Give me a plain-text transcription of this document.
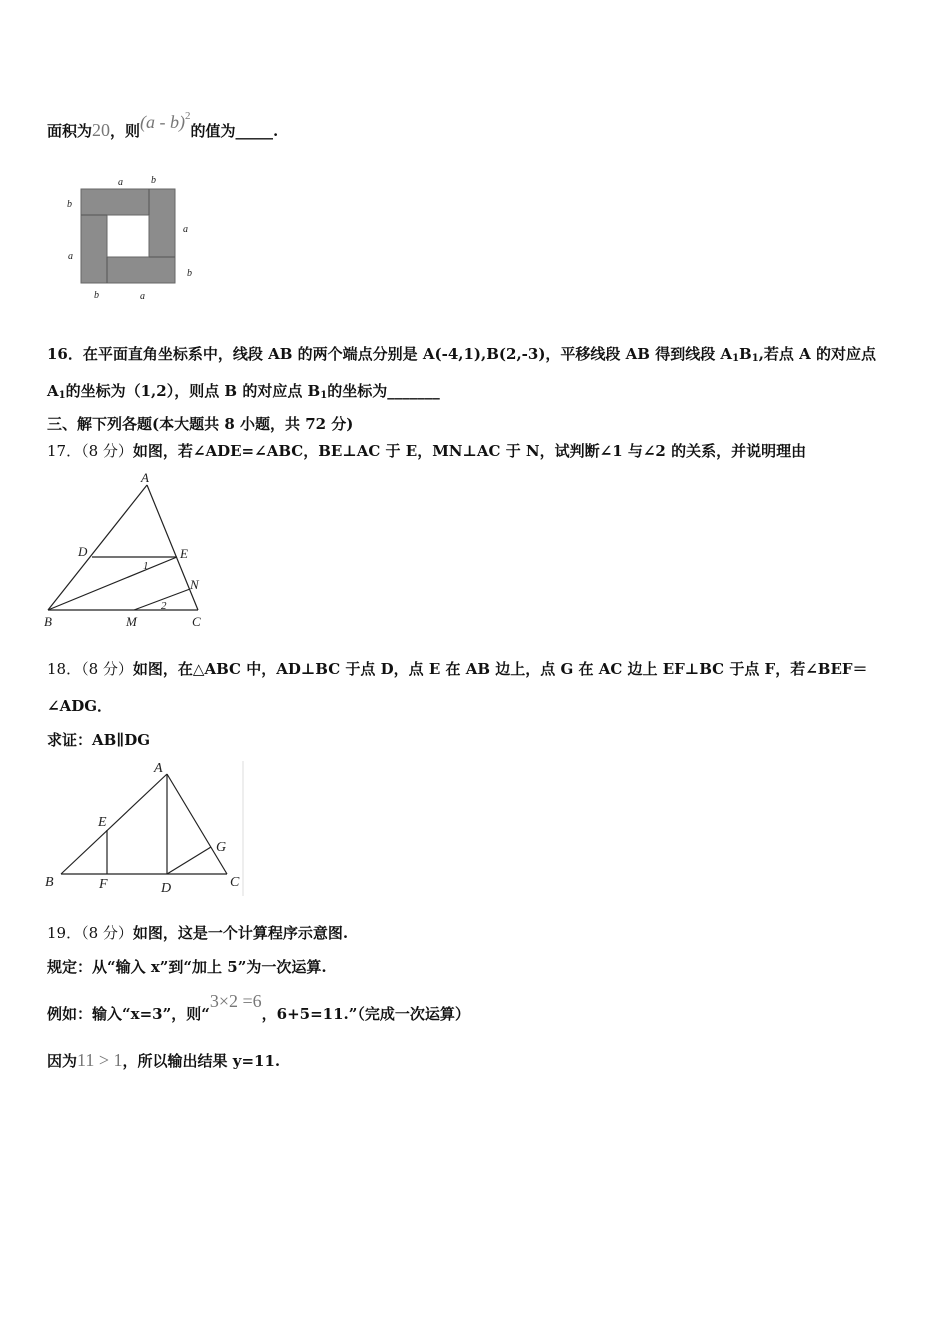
面积为20，则(a - b)$^2$的值为_____.
a	b
b
a
a
b
b	a
16．在平面直角坐标系中，线段 AB 的两个端点分别是 A(-4,1),B(2,-3)，平移线段 AB 得到线段 $A_1B_1$,若点 A 的对应点
$A_1$的坐标为（1,2），则点 B 的对应点 $B_1$的坐标为_______
三、解下列各题(本大题共 8 小题，共 72 分)
17．（8 分）如图，若∠ADE=∠ABC，BE⊥AC 于 E，MN⊥AC 于 N，试判断∠1 与∠2 的关系，并说明理由
A
D	E
N
B	M	C
1
2
18．（8 分）如图，在△ABC 中，AD⊥BC 于点 D，点 E 在 AB 边上，点 G 在 AC 边上 EF⊥BC 于点 F，若∠BEF＝
∠ADG．
求证：AB∥DG
A
E
G
B	F	D	C
19．（8 分）如图，这是一个计算程序示意图.
规定：从“输入 x”到“加上 5”为一次运算.
例如：输入“x=3”，则“3×2 =6，6+5=11.”（完成一次运算）
因为11 > 1，所以输出结果 y=11.
